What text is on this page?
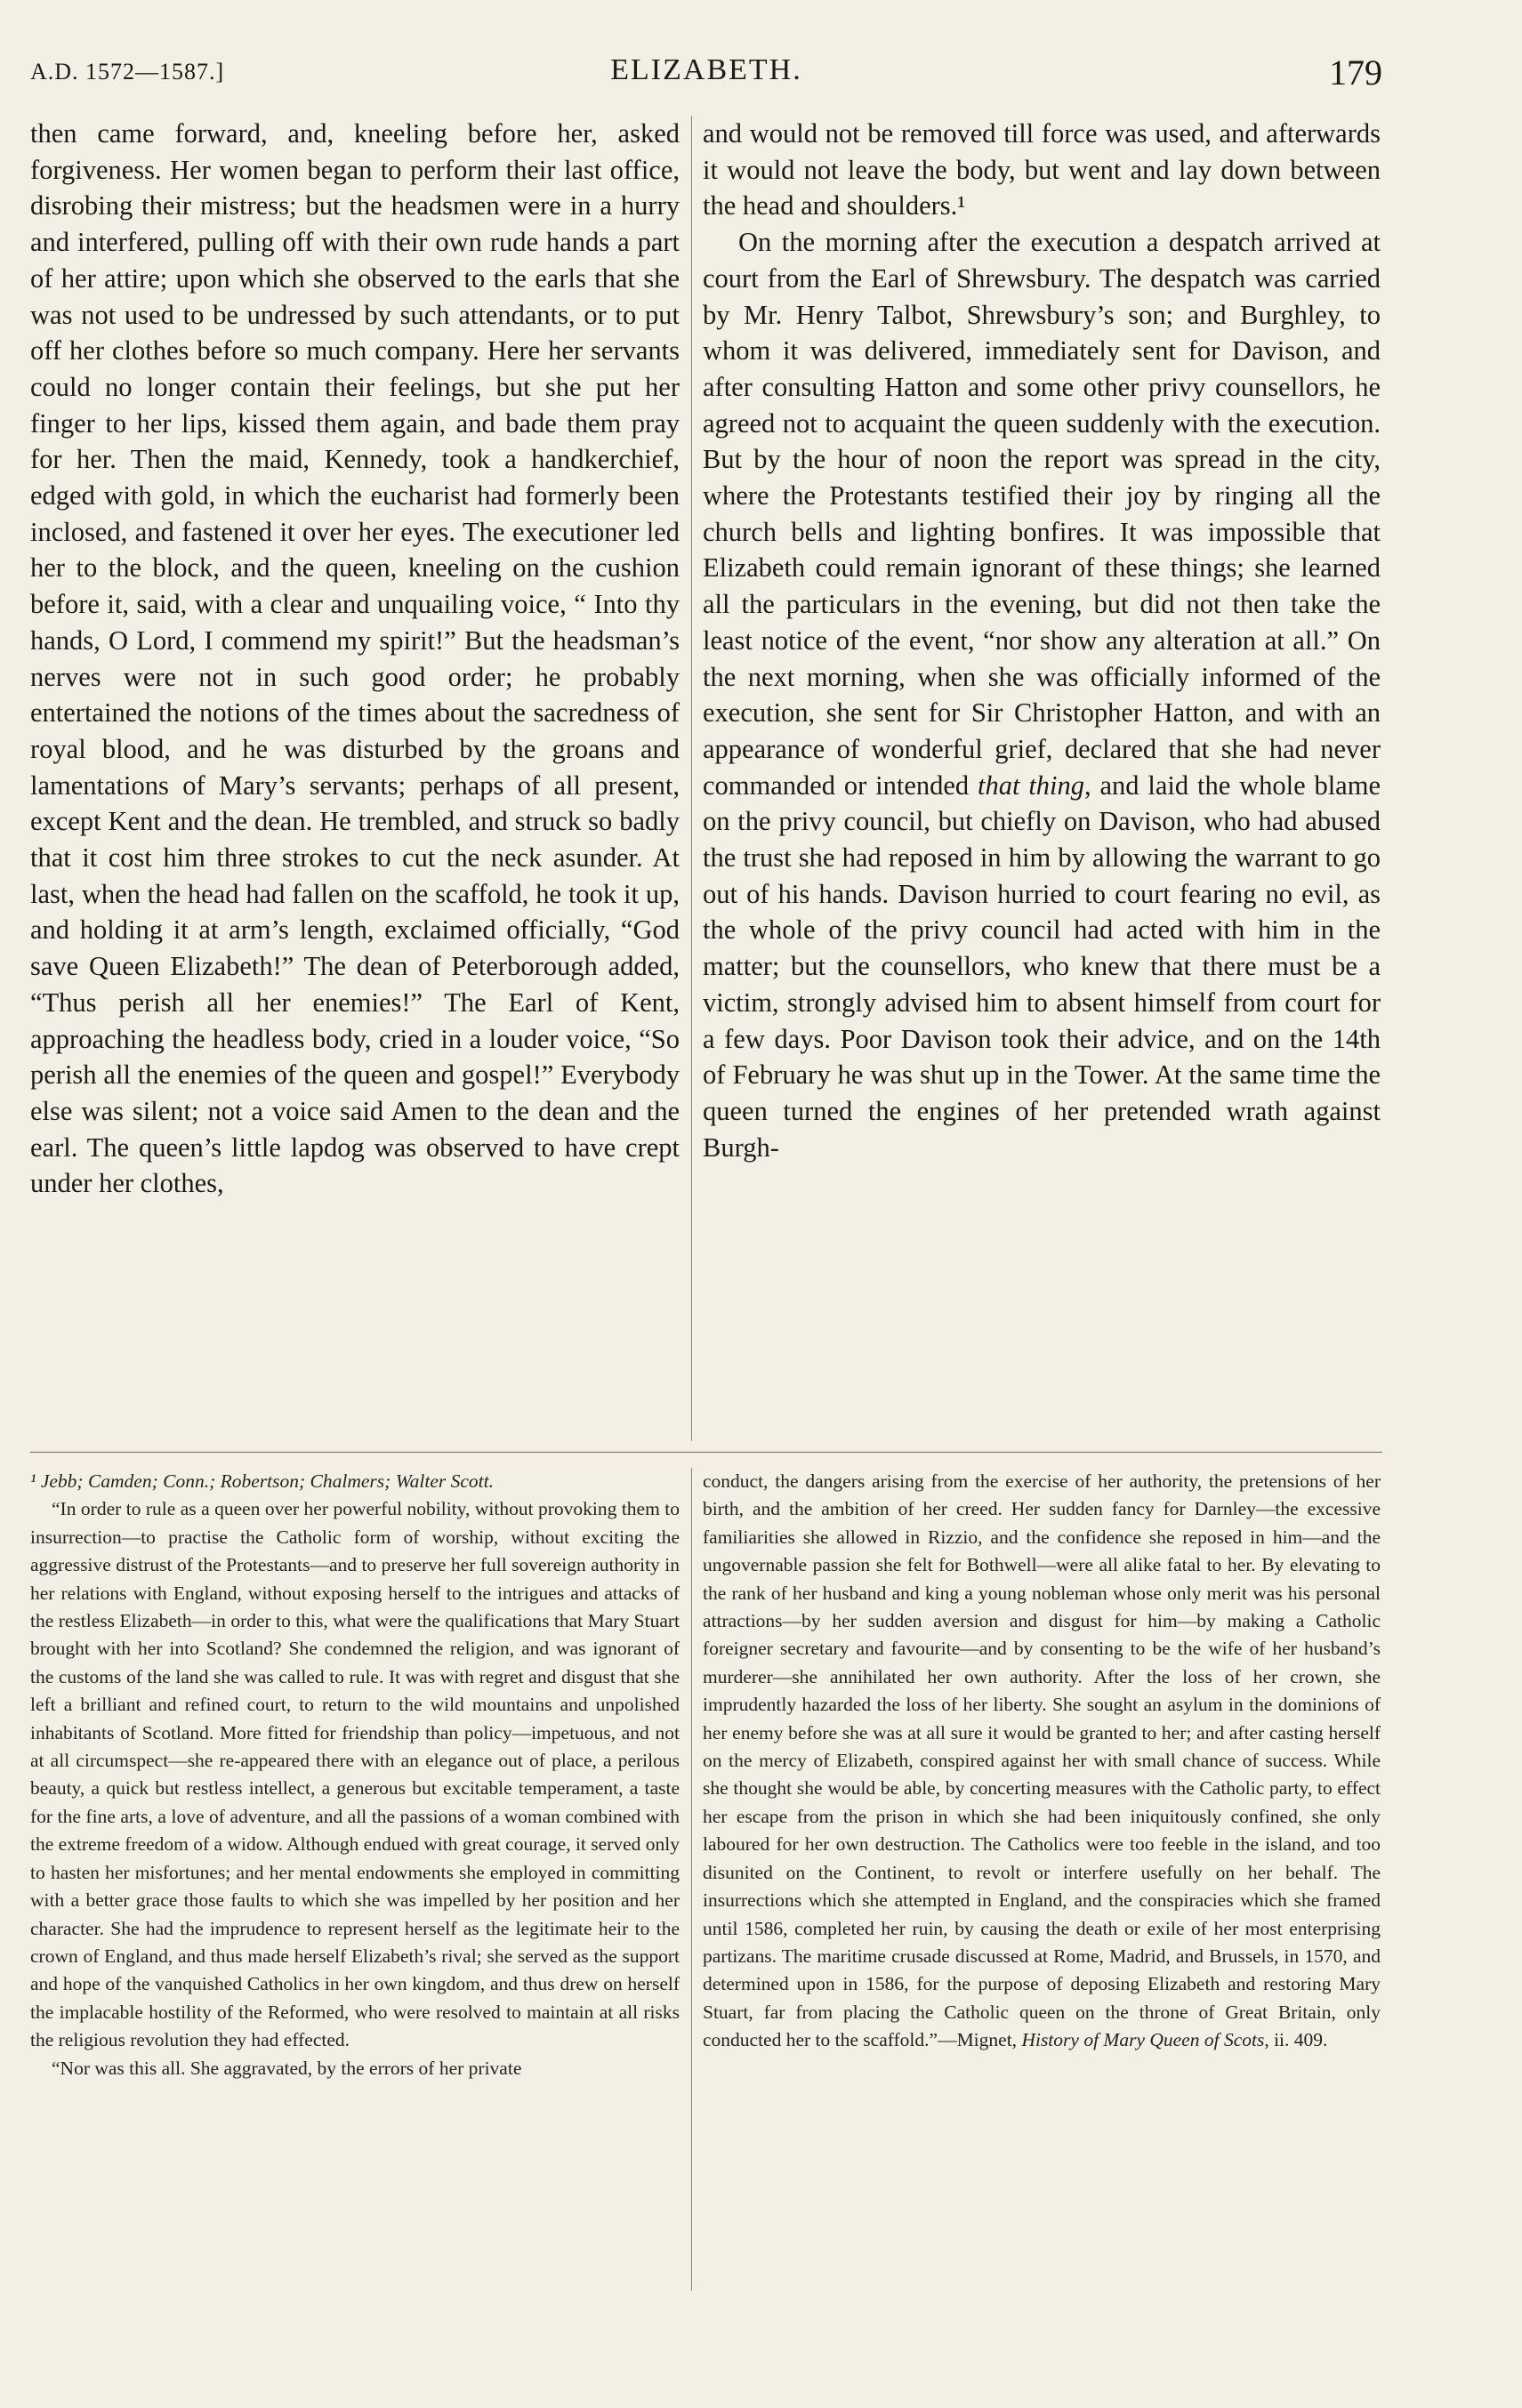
A.D. 1572—1587.]	ELIZABETH.	179

then came forward, and, kneeling before her, asked forgiveness. Her women began to perform their last office, disrobing their mistress; but the headsmen were in a hurry and interfered, pulling off with their own rude hands a part of her attire; upon which she observed to the earls that she was not used to be undressed by such attendants, or to put off her clothes before so much company. Here her servants could no longer contain their feelings, but she put her finger to her lips, kissed them again, and bade them pray for her. Then the maid, Kennedy, took a handkerchief, edged with gold, in which the eucharist had formerly been inclosed, and fastened it over her eyes. The executioner led her to the block, and the queen, kneeling on the cushion before it, said, with a clear and unquailing voice, “ Into thy hands, O Lord, I commend my spirit!” But the headsman’s nerves were not in such good order; he probably entertained the notions of the times about the sacredness of royal blood, and he was disturbed by the groans and lamentations of Mary’s servants; perhaps of all present, except Kent and the dean. He trembled, and struck so badly that it cost him three strokes to cut the neck asunder. At last, when the head had fallen on the scaffold, he took it up, and holding it at arm’s length, exclaimed officially, “God save Queen Elizabeth!” The dean of Peterborough added, “Thus perish all her enemies!” The Earl of Kent, approaching the headless body, cried in a louder voice, “So perish all the enemies of the queen and gospel!” Everybody else was silent; not a voice said Amen to the dean and the earl. The queen’s little lapdog was observed to have crept under her clothes,

and would not be removed till force was used, and afterwards it would not leave the body, but went and lay down between the head and shoulders.¹

On the morning after the execution a despatch arrived at court from the Earl of Shrewsbury. The despatch was carried by Mr. Henry Talbot, Shrewsbury’s son; and Burghley, to whom it was delivered, immediately sent for Davison, and after consulting Hatton and some other privy counsellors, he agreed not to acquaint the queen suddenly with the execution. But by the hour of noon the report was spread in the city, where the Protestants testified their joy by ringing all the church bells and lighting bonfires. It was impossible that Elizabeth could remain ignorant of these things; she learned all the particulars in the evening, but did not then take the least notice of the event, “nor show any alteration at all.” On the next morning, when she was officially informed of the execution, she sent for Sir Christopher Hatton, and with an appearance of wonderful grief, declared that she had never commanded or intended that thing, and laid the whole blame on the privy council, but chiefly on Davison, who had abused the trust she had reposed in him by allowing the warrant to go out of his hands. Davison hurried to court fearing no evil, as the whole of the privy council had acted with him in the matter; but the counsellors, who knew that there must be a victim, strongly advised him to absent himself from court for a few days. Poor Davison took their advice, and on the 14th of February he was shut up in the Tower. At the same time the queen turned the engines of her pretended wrath against Burgh-

¹ Jebb; Camden; Conn.; Robertson; Chalmers; Walter Scott.

“In order to rule as a queen over her powerful nobility, without provoking them to insurrection—to practise the Catholic form of worship, without exciting the aggressive distrust of the Protestants—and to preserve her full sovereign authority in her relations with England, without exposing herself to the intrigues and attacks of the restless Elizabeth—in order to this, what were the qualifications that Mary Stuart brought with her into Scotland? She condemned the religion, and was ignorant of the customs of the land she was called to rule. It was with regret and disgust that she left a brilliant and refined court, to return to the wild mountains and unpolished inhabitants of Scotland. More fitted for friendship than policy—impetuous, and not at all circumspect—she re-appeared there with an elegance out of place, a perilous beauty, a quick but restless intellect, a generous but excitable temperament, a taste for the fine arts, a love of adventure, and all the passions of a woman combined with the extreme freedom of a widow. Although endued with great courage, it served only to hasten her misfortunes; and her mental endowments she employed in committing with a better grace those faults to which she was impelled by her position and her character. She had the imprudence to represent herself as the legitimate heir to the crown of England, and thus made herself Elizabeth’s rival; she served as the support and hope of the vanquished Catholics in her own kingdom, and thus drew on herself the implacable hostility of the Reformed, who were resolved to maintain at all risks the religious revolution they had effected.

“Nor was this all. She aggravated, by the errors of her private

conduct, the dangers arising from the exercise of her authority, the pretensions of her birth, and the ambition of her creed. Her sudden fancy for Darnley—the excessive familiarities she allowed in Rizzio, and the confidence she reposed in him—and the ungovernable passion she felt for Bothwell—were all alike fatal to her. By elevating to the rank of her husband and king a young nobleman whose only merit was his personal attractions—by her sudden aversion and disgust for him—by making a Catholic foreigner secretary and favourite—and by consenting to be the wife of her husband’s murderer—she annihilated her own authority. After the loss of her crown, she imprudently hazarded the loss of her liberty. She sought an asylum in the dominions of her enemy before she was at all sure it would be granted to her; and after casting herself on the mercy of Elizabeth, conspired against her with small chance of success. While she thought she would be able, by concerting measures with the Catholic party, to effect her escape from the prison in which she had been iniquitously confined, she only laboured for her own destruction. The Catholics were too feeble in the island, and too disunited on the Continent, to revolt or interfere usefully on her behalf. The insurrections which she attempted in England, and the conspiracies which she framed until 1586, completed her ruin, by causing the death or exile of her most enterprising partizans. The maritime crusade discussed at Rome, Madrid, and Brussels, in 1570, and determined upon in 1586, for the purpose of deposing Elizabeth and restoring Mary Stuart, far from placing the Catholic queen on the throne of Great Britain, only conducted her to the scaffold.”—Mignet, History of Mary Queen of Scots, ii. 409.
